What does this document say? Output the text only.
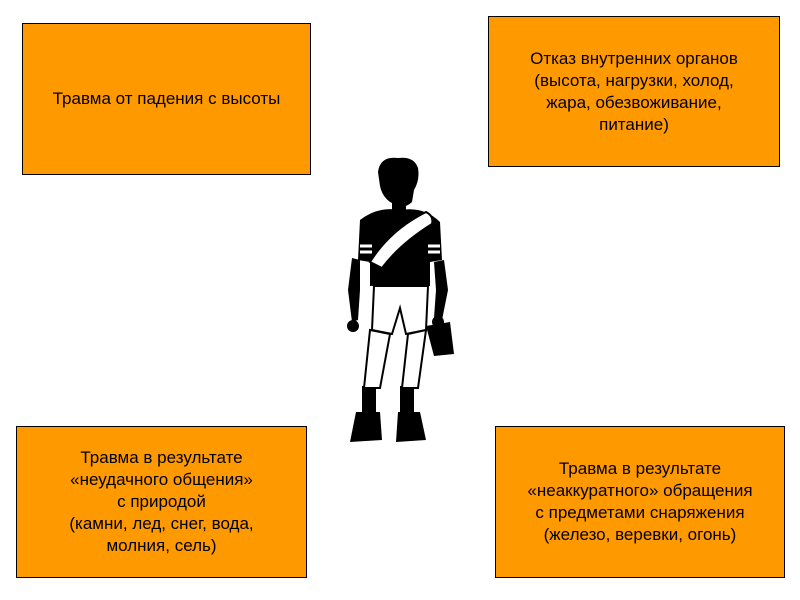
Травма от падения с высоты
Отказ внутренних органов
(высота, нагрузки, холод,
жара, обезвоживание,
питание)
Травма в результате
«неудачного общения»
с природой
(камни, лед, снег, вода,
молния, сель)
Травма в результате
«неаккуратного» обращения
с предметами снаряжения
(железо, веревки, огонь)
